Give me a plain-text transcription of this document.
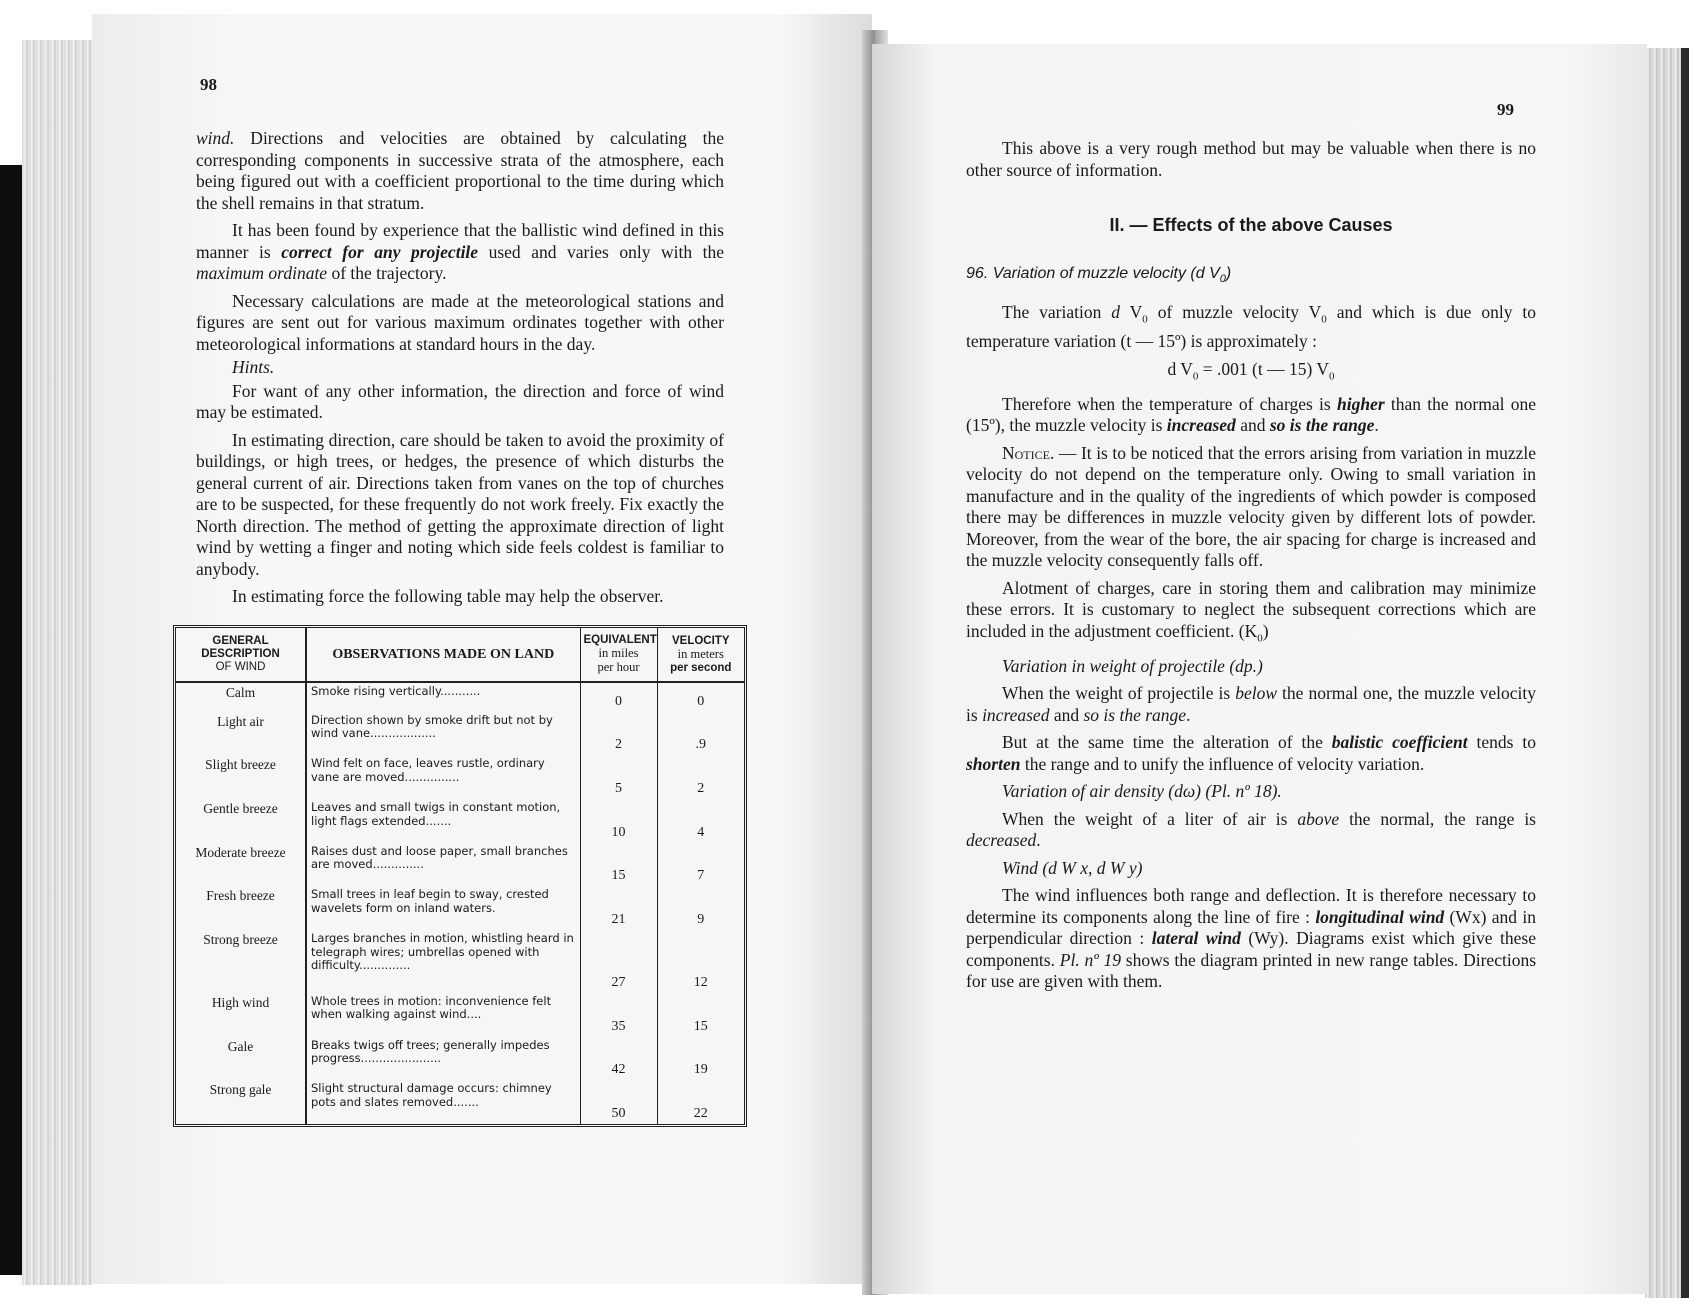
98

wind. Directions and velocities are obtained by calculating the corresponding components in successive strata of the atmosphere, each being figured out with a coefficient proportional to the time during which the shell remains in that stratum.

It has been found by experience that the ballistic wind defined in this manner is correct for any projectile used and varies only with the maximum ordinate of the trajectory.

Necessary calculations are made at the meteorological stations and figures are sent out for various maximum ordinates together with other meteorological informations at standard hours in the day.

Hints.

For want of any other information, the direction and force of wind may be estimated.

In estimating direction, care should be taken to avoid the proximity of buildings, or high trees, or hedges, the presence of which disturbs the general current of air. Directions taken from vanes on the top of churches are to be suspected, for these frequently do not work freely. Fix exactly the North direction. The method of getting the approximate direction of light wind by wetting a finger and noting which side feels coldest is familiar to anybody.

In estimating force the following table may help the observer.

GENERAL DESCRIPTION
OF WIND	OBSERVATIONS MADE ON LAND	EQUIVALENT
in miles
per hour	VELOCITY
in meters
per second
Calm	Smoke rising vertically...........	0	0
Light air	Direction shown by smoke drift but not by wind vane..................	2	.9
Slight breeze	Wind felt on face, leaves rustle, ordinary vane are moved...............	5	2
Gentle breeze	Leaves and small twigs in constant motion, light flags extended.......	10	4
Moderate breeze	Raises dust and loose paper, small branches are moved..............	15	7
Fresh breeze	Small trees in leaf begin to sway, crested wavelets form on inland waters.	21	9
Strong breeze	Larges branches in motion, whistling heard in telegraph wires; umbrellas opened with difficulty..............	27	12
High wind	Whole trees in motion: inconvenience felt when walking against wind....	35	15
Gale	Breaks twigs off trees; generally impedes progress......................	42	19
Strong gale	Slight structural damage occurs: chimney pots and slates removed.......	50	22
99

This above is a very rough method but may be valuable when there is no other source of information.

II. — Effects of the above Causes

96. Variation of muzzle velocity (d $V_0$)

The variation d $V_0$ of muzzle velocity $V_0$ and which is due only to temperature variation (t — 15º) is approximately :

d $V_0 = .001$ (t — 15) $V_0$

Therefore when the temperature of charges is higher than the normal one (15º), the muzzle velocity is increased and so is the range.

Notice. — It is to be noticed that the errors arising from variation in muzzle velocity do not depend on the temperature only. Owing to small variation in manufacture and in the quality of the ingredients of which powder is composed there may be differences in muzzle velocity given by different lots of powder. Moreover, from the wear of the bore, the air spacing for charge is increased and the muzzle velocity consequently falls off.

Alotment of charges, care in storing them and calibration may minimize these errors. It is customary to neglect the subsequent corrections which are included in the adjustment coefficient. $(K_0)$

Variation in weight of projectile (dp.)

When the weight of projectile is below the normal one, the muzzle velocity is increased and so is the range.

But at the same time the alteration of the balistic coefficient tends to shorten the range and to unify the influence of velocity variation.

Variation of air density (dω) (Pl. nº 18).

When the weight of a liter of air is above the normal, the range is decreased.

Wind (d W x, d W y)

The wind influences both range and deflection. It is therefore necessary to determine its components along the line of fire : longitudinal wind (Wx) and in perpendicular direction : lateral wind (Wy). Diagrams exist which give these components. Pl. nº 19 shows the diagram printed in new range tables. Directions for use are given with them.
